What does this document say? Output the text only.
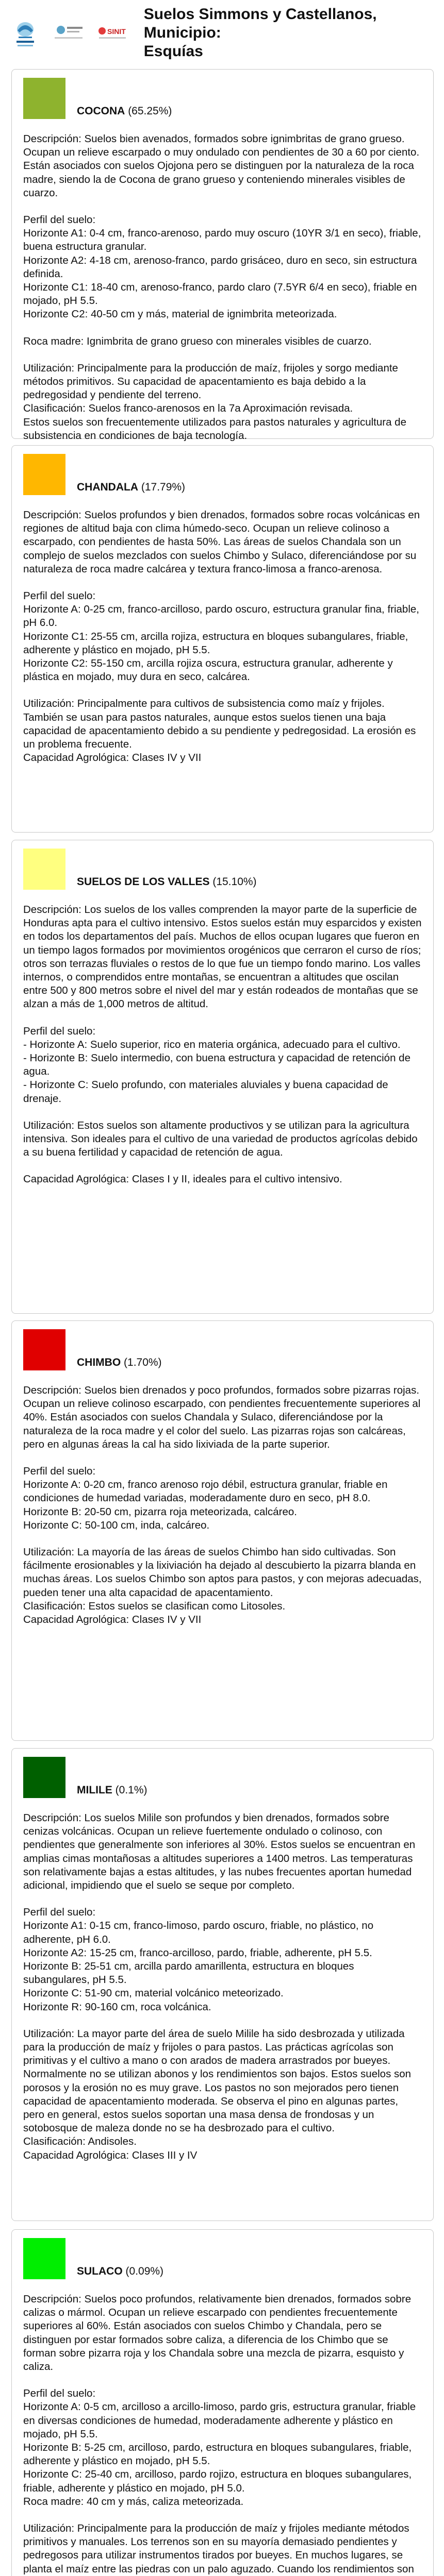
SINIT

Suelos Simmons y Castellanos, Municipio:

Esquías

COCONA (65.25%)

Descripción: Suelos bien avenados, formados sobre ignimbritas de grano grueso. Ocupan un relieve escarpado o muy ondulado con pendientes de 30 a 60 por ciento. Están asociados con suelos Ojojona pero se distinguen por la naturaleza de la roca madre, siendo la de Cocona de grano grueso y conteniendo minerales visibles de cuarzo.

Perfil del suelo:
Horizonte A1: 0-4 cm, franco-arenoso, pardo muy oscuro (10YR 3/1 en seco), friable, buena estructura granular.
Horizonte A2: 4-18 cm, arenoso-franco, pardo grisáceo, duro en seco, sin estructura definida.
Horizonte C1: 18-40 cm, arenoso-franco, pardo claro (7.5YR 6/4 en seco), friable en mojado, pH 5.5.
Horizonte C2: 40-50 cm y más, material de ignimbrita meteorizada.

Roca madre: Ignimbrita de grano grueso con minerales visibles de cuarzo.

Utilización: Principalmente para la producción de maíz, frijoles y sorgo mediante métodos primitivos. Su capacidad de apacentamiento es baja debido a la pedregosidad y pendiente del terreno.
Clasificación: Suelos franco-arenosos en la 7a Aproximación revisada.
Estos suelos son frecuentemente utilizados para pastos naturales y agricultura de subsistencia en condiciones de baja tecnología.

CHANDALA (17.79%)

Descripción: Suelos profundos y bien drenados, formados sobre rocas volcánicas en regiones de altitud baja con clima húmedo-seco. Ocupan un relieve colinoso a escarpado, con pendientes de hasta 50%. Las áreas de suelos Chandala son un complejo de suelos mezclados con suelos Chimbo y Sulaco, diferenciándose por su naturaleza de roca madre calcárea y textura franco-limosa a franco-arenosa.

Perfil del suelo:
Horizonte A: 0-25 cm, franco-arcilloso, pardo oscuro, estructura granular fina, friable, pH 6.0.
Horizonte C1: 25-55 cm, arcilla rojiza, estructura en bloques subangulares, friable, adherente y plástico en mojado, pH 5.5.
Horizonte C2: 55-150 cm, arcilla rojiza oscura, estructura granular, adherente y plástica en mojado, muy dura en seco, calcárea.

Utilización: Principalmente para cultivos de subsistencia como maíz y frijoles. También se usan para pastos naturales, aunque estos suelos tienen una baja capacidad de apacentamiento debido a su pendiente y pedregosidad. La erosión es un problema frecuente.
Capacidad Agrológica: Clases IV y VII

SUELOS DE LOS VALLES (15.10%)

Descripción: Los suelos de los valles comprenden la mayor parte de la superficie de Honduras apta para el cultivo intensivo. Estos suelos están muy esparcidos y existen en todos los departamentos del país. Muchos de ellos ocupan lugares que fueron en un tiempo lagos formados por movimientos orogénicos que cerraron el curso de ríos; otros son terrazas fluviales o restos de lo que fue un tiempo fondo marino. Los valles internos, o comprendidos entre montañas, se encuentran a altitudes que oscilan entre 500 y 800 metros sobre el nivel del mar y están rodeados de montañas que se alzan a más de 1,000 metros de altitud.

Perfil del suelo:
- Horizonte A: Suelo superior, rico en materia orgánica, adecuado para el cultivo.
- Horizonte B: Suelo intermedio, con buena estructura y capacidad de retención de agua.
- Horizonte C: Suelo profundo, con materiales aluviales y buena capacidad de drenaje.

Utilización: Estos suelos son altamente productivos y se utilizan para la agricultura intensiva. Son ideales para el cultivo de una variedad de productos agrícolas debido a su buena fertilidad y capacidad de retención de agua.

Capacidad Agrológica: Clases I y II, ideales para el cultivo intensivo.

CHIMBO (1.70%)

Descripción: Suelos bien drenados y poco profundos, formados sobre pizarras rojas. Ocupan un relieve colinoso escarpado, con pendientes frecuentemente superiores al 40%. Están asociados con suelos Chandala y Sulaco, diferenciándose por la naturaleza de la roca madre y el color del suelo. Las pizarras rojas son calcáreas, pero en algunas áreas la cal ha sido lixiviada de la parte superior.

Perfil del suelo:
Horizonte A: 0-20 cm, franco arenoso rojo débil, estructura granular, friable en condiciones de humedad variadas, moderadamente duro en seco, pH 8.0.
Horizonte B: 20-50 cm, pizarra roja meteorizada, calcáreo.
Horizonte C: 50-100 cm, inda, calcáreo.

Utilización: La mayoría de las áreas de suelos Chimbo han sido cultivadas. Son fácilmente erosionables y la lixiviación ha dejado al descubierto la pizarra blanda en muchas áreas. Los suelos Chimbo son aptos para pastos, y con mejoras adecuadas, pueden tener una alta capacidad de apacentamiento.
Clasificación: Estos suelos se clasifican como Litosoles.
Capacidad Agrológica: Clases IV y VII

MILILE (0.1%)

Descripción: Los suelos Milile son profundos y bien drenados, formados sobre cenizas volcánicas. Ocupan un relieve fuertemente ondulado o colinoso, con pendientes que generalmente son inferiores al 30%. Estos suelos se encuentran en amplias cimas montañosas a altitudes superiores a 1400 metros. Las temperaturas son relativamente bajas a estas altitudes, y las nubes frecuentes aportan humedad adicional, impidiendo que el suelo se seque por completo.

Perfil del suelo:
Horizonte A1: 0-15 cm, franco-limoso, pardo oscuro, friable, no plástico, no adherente, pH 6.0.
Horizonte A2: 15-25 cm, franco-arcilloso, pardo, friable, adherente, pH 5.5.
Horizonte B: 25-51 cm, arcilla pardo amarillenta, estructura en bloques subangulares, pH 5.5.
Horizonte C: 51-90 cm, material volcánico meteorizado.
Horizonte R: 90-160 cm, roca volcánica.

Utilización: La mayor parte del área de suelo Milile ha sido desbrozada y utilizada para la producción de maíz y frijoles o para pastos. Las prácticas agrícolas son primitivas y el cultivo a mano o con arados de madera arrastrados por bueyes. Normalmente no se utilizan abonos y los rendimientos son bajos. Estos suelos son porosos y la erosión no es muy grave. Los pastos no son mejorados pero tienen capacidad de apacentamiento moderada. Se observa el pino en algunas partes, pero en general, estos suelos soportan una masa densa de frondosas y un sotobosque de maleza donde no se ha desbrozado para el cultivo.
Clasificación: Andisoles.
Capacidad Agrológica: Clases III y IV

SULACO (0.09%)

Descripción: Suelos poco profundos, relativamente bien drenados, formados sobre calizas o mármol. Ocupan un relieve escarpado con pendientes frecuentemente superiores al 60%. Están asociados con suelos Chimbo y Chandala, pero se distinguen por estar formados sobre caliza, a diferencia de los Chimbo que se forman sobre pizarra roja y los Chandala sobre una mezcla de pizarra, esquisto y caliza.

Perfil del suelo:
Horizonte A: 0-5 cm, arcilloso a arcillo-limoso, pardo gris, estructura granular, friable en diversas condiciones de humedad, moderadamente adherente y plástico en mojado, pH 5.5.
Horizonte B: 5-25 cm, arcilloso, pardo, estructura en bloques subangulares, friable, adherente y plástico en mojado, pH 5.5.
Horizonte C: 25-40 cm, arcilloso, pardo rojizo, estructura en bloques subangulares, friable, adherente y plástico en mojado, pH 5.0.
Roca madre: 40 cm y más, caliza meteorizada.

Utilización: Principalmente para la producción de maíz y frijoles mediante métodos primitivos y manuales. Los terrenos son en su mayoría demasiado pendientes y pedregosos para utilizar instrumentos tirados por bueyes. En muchos lugares, se planta el maíz entre las piedras con un palo aguzado. Cuando los rendimientos son
